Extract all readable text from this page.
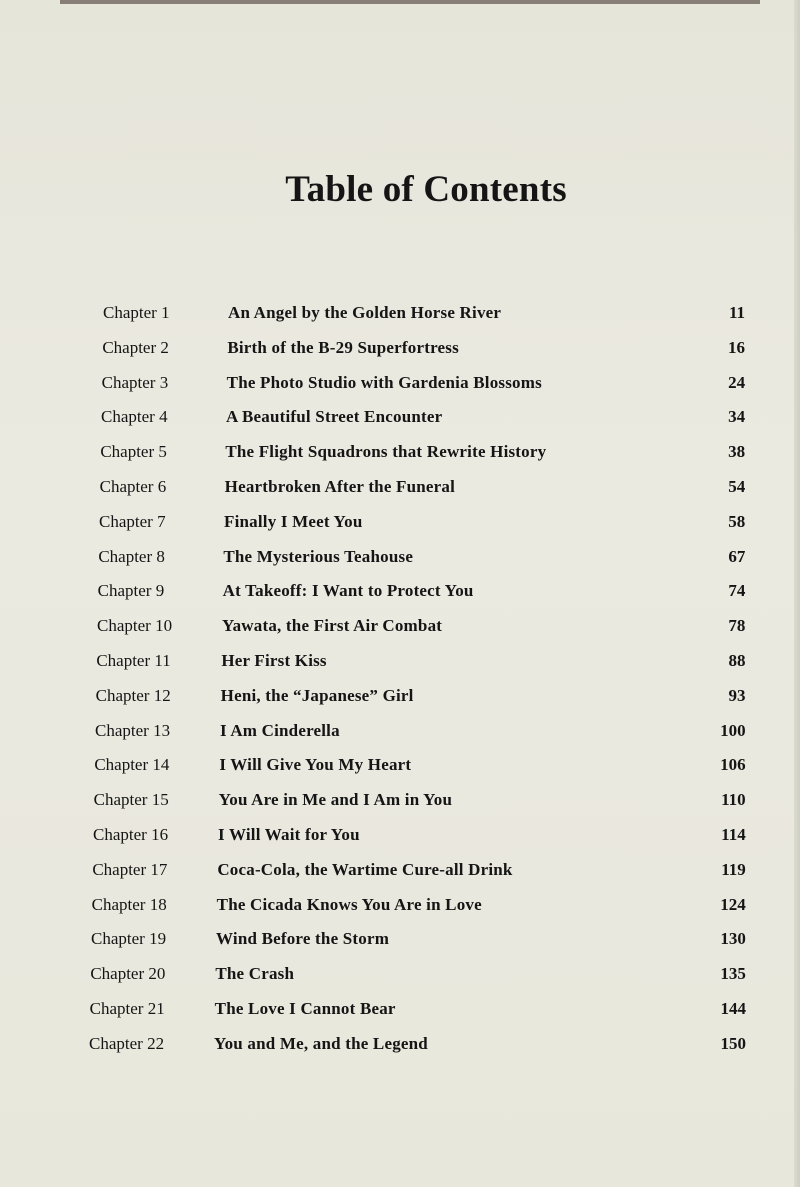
Table of Contents
Chapter 1	An Angel by the Golden Horse River	11
Chapter 2	Birth of the B-29 Superfortress	16
Chapter 3	The Photo Studio with Gardenia Blossoms	24
Chapter 4	A Beautiful Street Encounter	34
Chapter 5	The Flight Squadrons that Rewrite History	38
Chapter 6	Heartbroken After the Funeral	54
Chapter 7	Finally I Meet You	58
Chapter 8	The Mysterious Teahouse	67
Chapter 9	At Takeoff: I Want to Protect You	74
Chapter 10	Yawata, the First Air Combat	78
Chapter 11	Her First Kiss	88
Chapter 12	Heni, the “Japanese” Girl	93
Chapter 13	I Am Cinderella	100
Chapter 14	I Will Give You My Heart	106
Chapter 15	You Are in Me and I Am in You	110
Chapter 16	I Will Wait for You	114
Chapter 17	Coca-Cola, the Wartime Cure-all Drink	119
Chapter 18	The Cicada Knows You Are in Love	124
Chapter 19	Wind Before the Storm	130
Chapter 20	The Crash	135
Chapter 21	The Love I Cannot Bear	144
Chapter 22	You and Me, and the Legend	150
